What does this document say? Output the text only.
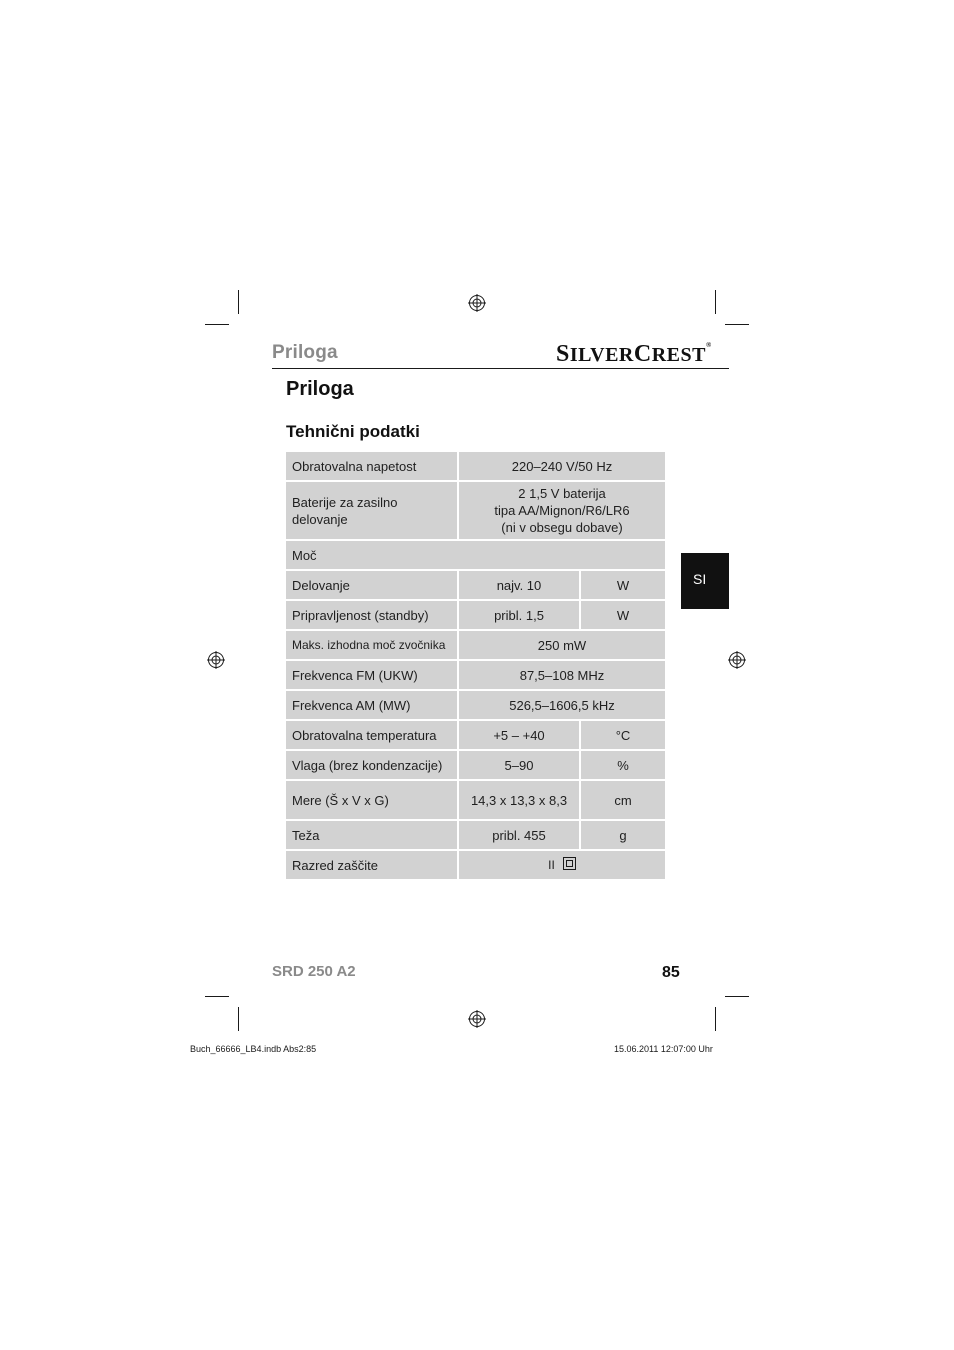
Priloga	SILVERCREST®
Priloga
Tehnični podatki
SI
Obratovalna napetost	220–240 V/50 Hz	
Baterije za zasilno delovanje	2 1,5 V baterija
tipa AA/Mignon/R6/LR6
(ni v obsegu dobave)	

Moč		
Delovanje	najv. 10	W
Pripravljenost (standby)	pribl. 1,5	W
Maks. izhodna moč zvočnika	250 mW	
Frekvenca FM (UKW)	87,5–108 MHz	
Frekvenca AM (MW)	526,5–1606,5 kHz	
Obratovalna temperatura	+5 – +40	°C
Vlaga (brez kondenzacije)	5–90	%
Mere (Š x V x G)	14,3 x 13,3 x 8,3	cm
Teža	pribl. 455	g
Razred zaščite	II	
SRD 250 A2	85
Buch_66666_LB4.indb Abs2:85	15.06.2011 12:07:00 Uhr
